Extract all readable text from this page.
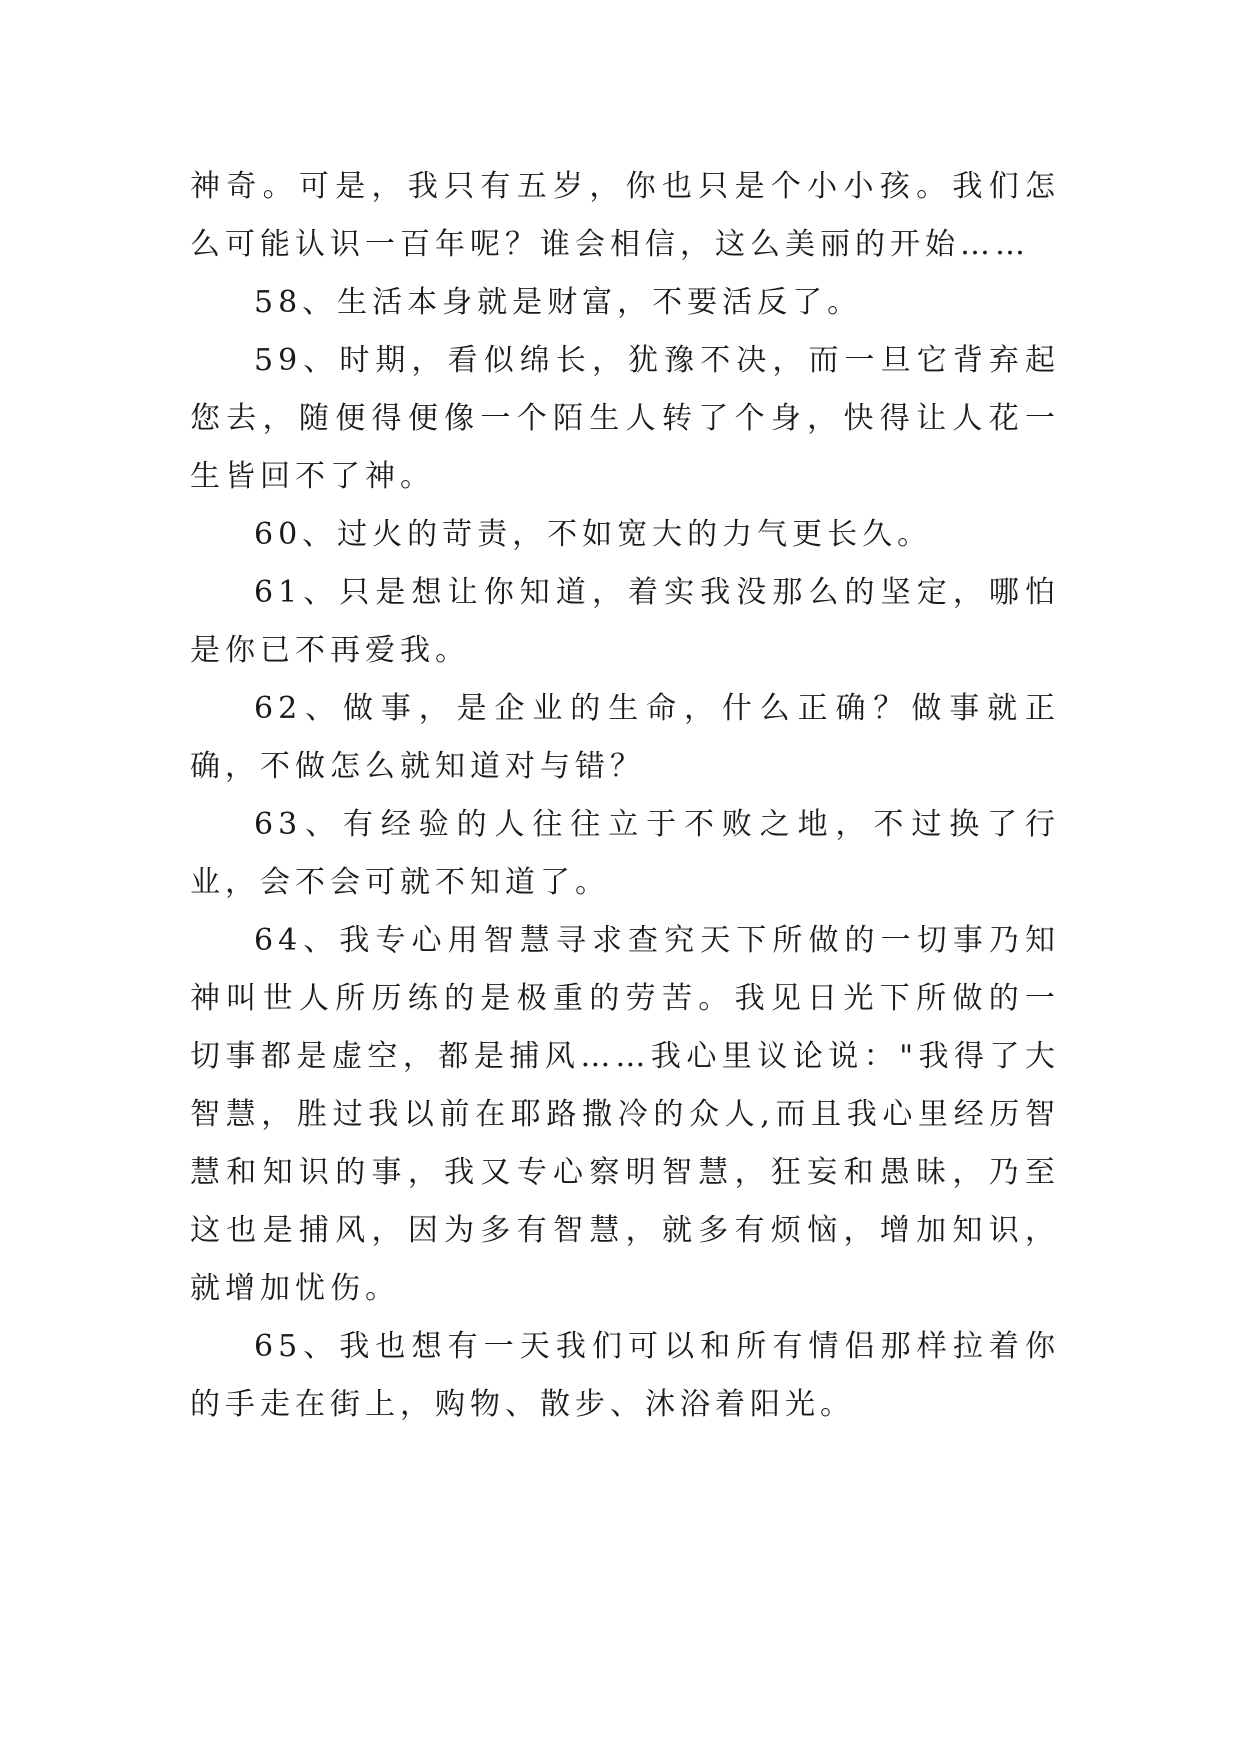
神奇。可是，我只有五岁，你也只是个小小孩。我们怎么可能认识一百年呢？谁会相信，这么美丽的开始……

58、生活本身就是财富，不要活反了。

59、时期，看似绵长，犹豫不决，而一旦它背弃起您去，随便得便像一个陌生人转了个身，快得让人花一生皆回不了神。

60、过火的苛责，不如宽大的力气更长久。

61、只是想让你知道，着实我没那么的坚定，哪怕是你已不再爱我。

62、做事，是企业的生命，什么正确？做事就正确，不做怎么就知道对与错？

63、有经验的人往往立于不败之地，不过换了行业，会不会可就不知道了。

64、我专心用智慧寻求查究天下所做的一切事乃知神叫世人所历练的是极重的劳苦。我见日光下所做的一切事都是虚空，都是捕风……我心里议论说："我得了大智慧，胜过我以前在耶路撒冷的众人,而且我心里经历智慧和知识的事，我又专心察明智慧，狂妄和愚昧，乃至这也是捕风，因为多有智慧，就多有烦恼，增加知识，就增加忧伤。

65、我也想有一天我们可以和所有情侣那样拉着你的手走在街上，购物、散步、沐浴着阳光。
